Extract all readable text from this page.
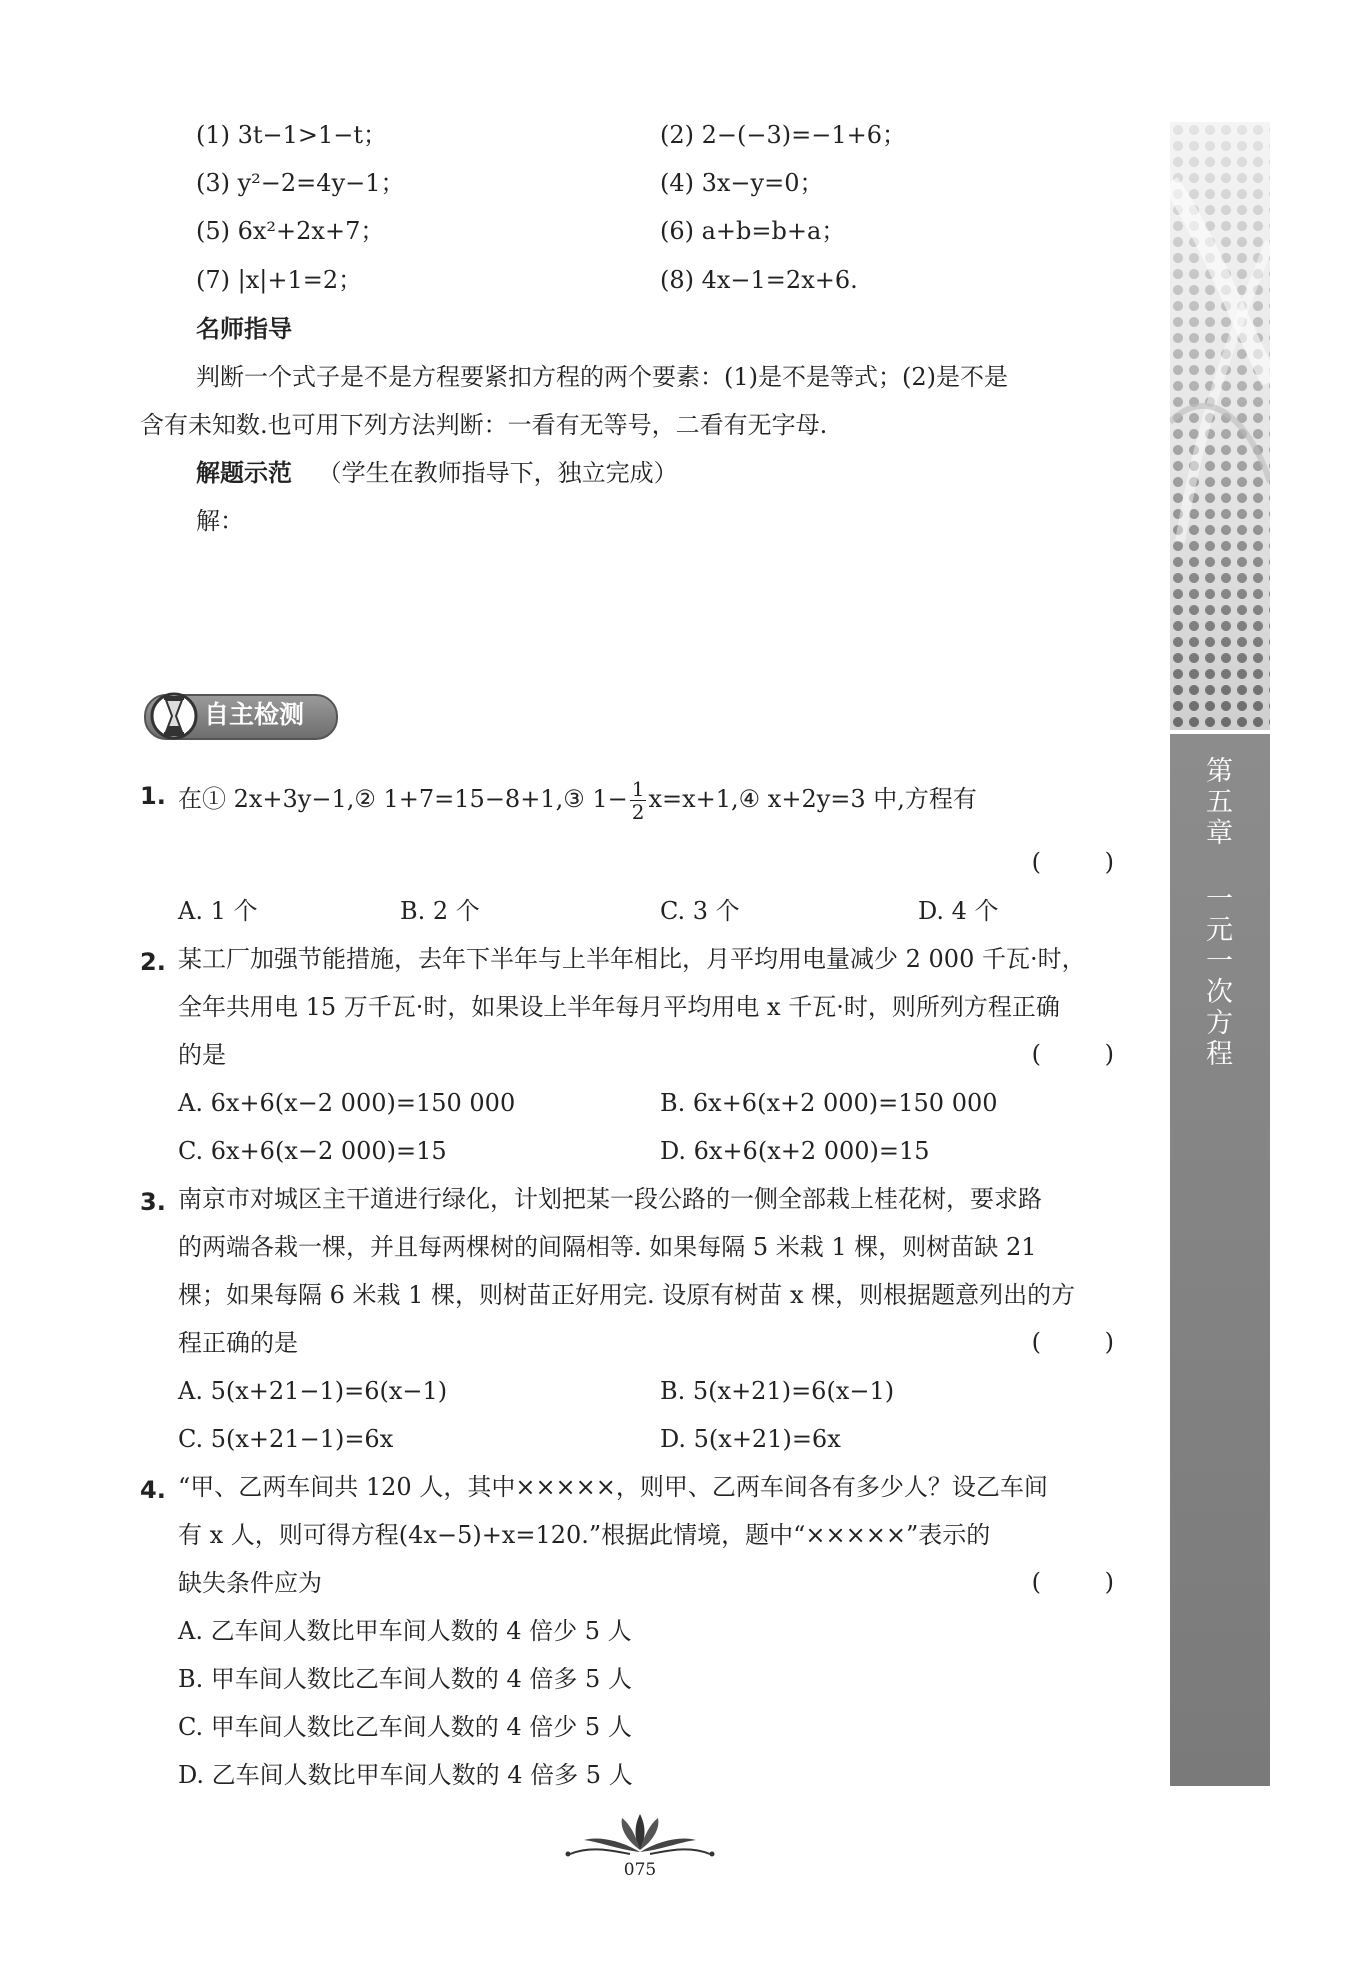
第五章 一元一次方程
(1) 3t−1>1−t；	(2) 2−(−3)=−1+6；
(3) y²−2=4y−1；	(4) 3x−y=0；
(5) 6x²+2x+7；	(6) a+b=b+a；
(7) |x|+1=2；	(8) 4x−1=2x+6.
名师指导
判断一个式子是不是方程要紧扣方程的两个要素：(1)是不是等式；(2)是不是
含有未知数.也可用下列方法判断：一看有无等号，二看有无字母.
解题示范 （学生在教师指导下，独立完成）
解：
自主检测
1. 在① 2x+3y−1,② 1+7=15−8+1,③ $1- \frac{1}{2}$ x=x+1,④ x+2y=3 中,方程有
( )
A. 1 个	B. 2 个	C. 3 个	D. 4 个
2. 某工厂加强节能措施，去年下半年与上半年相比，月平均用电量减少 2 000 千瓦·时，
全年共用电 15 万千瓦·时，如果设上半年每月平均用电 x 千瓦·时，则所列方程正确
的是	( )
A. 6x+6(x−2 000)=150 000	B. 6x+6(x+2 000)=150 000
C. 6x+6(x−2 000)=15	D. 6x+6(x+2 000)=15
3. 南京市对城区主干道进行绿化，计划把某一段公路的一侧全部栽上桂花树，要求路
的两端各栽一棵，并且每两棵树的间隔相等. 如果每隔 5 米栽 1 棵，则树苗缺 21
棵；如果每隔 6 米栽 1 棵，则树苗正好用完. 设原有树苗 x 棵，则根据题意列出的方
程正确的是	( )
A. 5(x+21−1)=6(x−1)	B. 5(x+21)=6(x−1)
C. 5(x+21−1)=6x	D. 5(x+21)=6x
4. “甲、乙两车间共 120 人，其中×××××，则甲、乙两车间各有多少人？设乙车间
有 x 人，则可得方程(4x−5)+x=120.”根据此情境，题中“×××××”表示的
缺失条件应为	( )
A. 乙车间人数比甲车间人数的 4 倍少 5 人
B. 甲车间人数比乙车间人数的 4 倍多 5 人
C. 甲车间人数比乙车间人数的 4 倍少 5 人
D. 乙车间人数比甲车间人数的 4 倍多 5 人
075
